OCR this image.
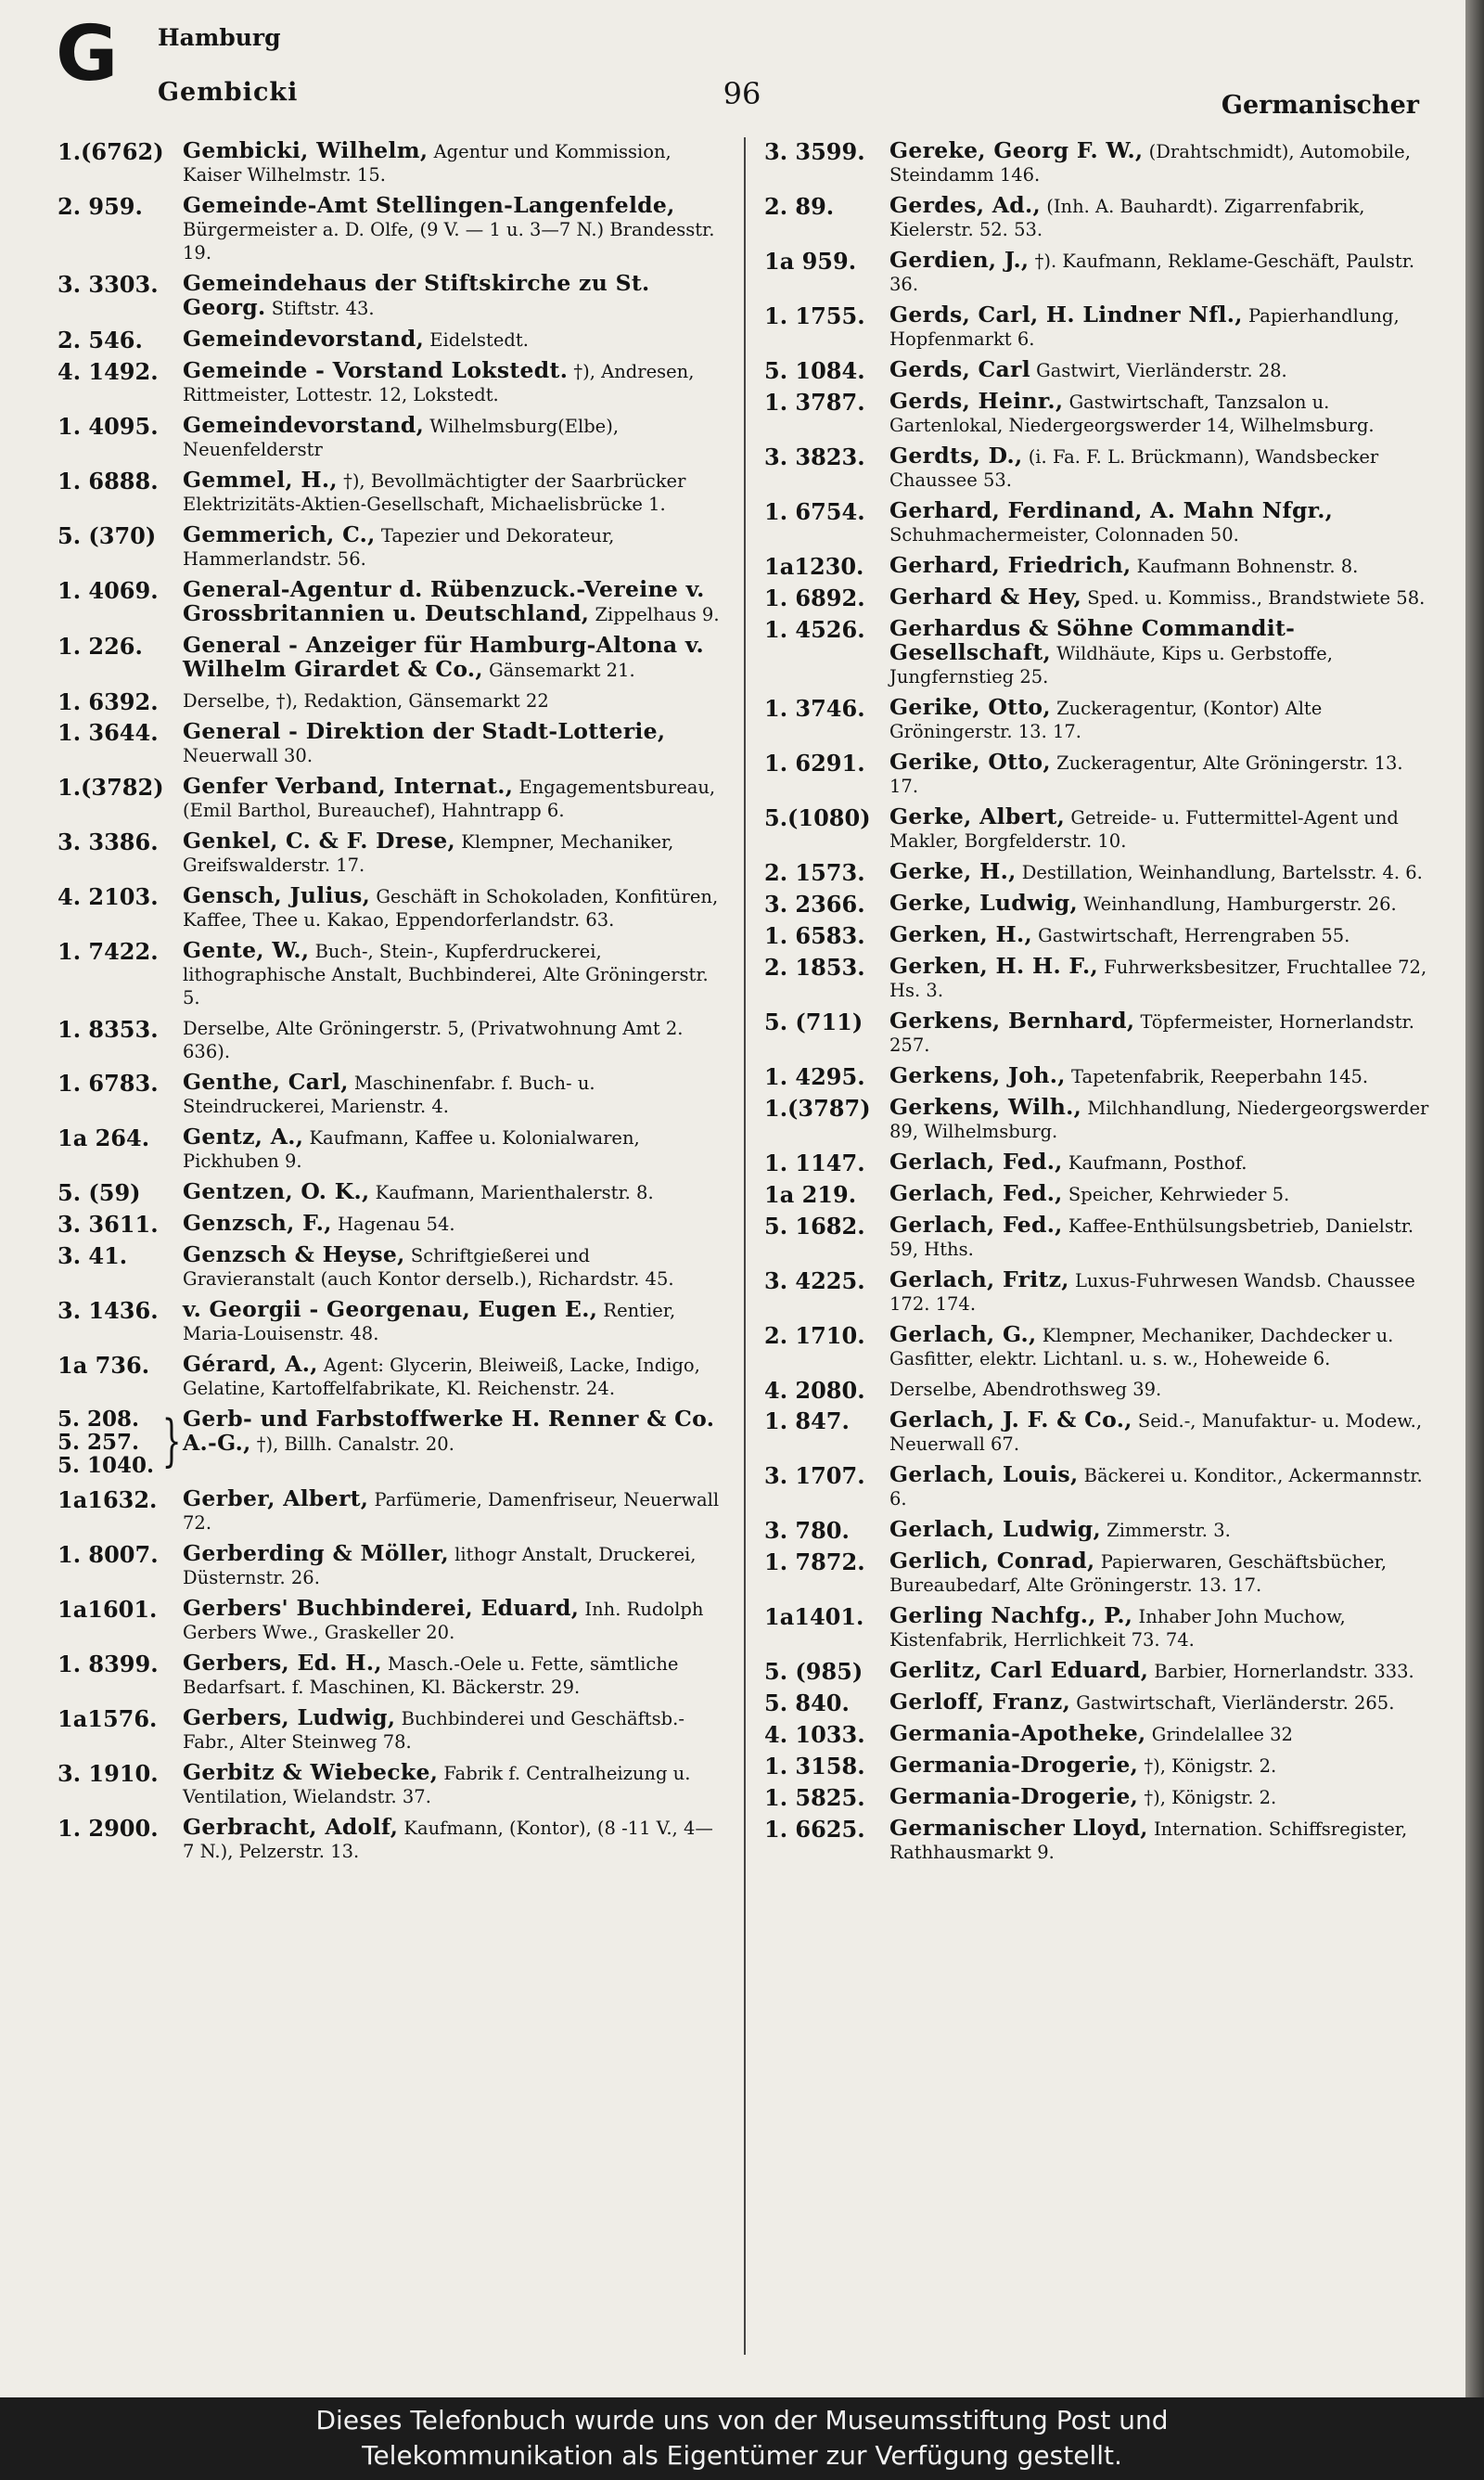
G Hamburg
Gembicki	96	Germanischer
1.(6762) Gembicki, Wilhelm, Agentur und Kommission, Kaiser Wilhelmstr. 15.
2. 959.	Gemeinde-Amt Stellingen-Langenfelde, Bürgermeister a. D. Olfe, (9 V. — 1 u. 3—7 N.) Brandesstr. 19.
3. 3303.	Gemeindehaus der Stiftskirche zu St. Georg. Stiftstr. 43.
2. 546.	Gemeindevorstand, Eidelstedt.
4. 1492.	Gemeinde - Vorstand Lokstedt. †), Andresen, Rittmeister, Lottestr. 12, Lokstedt.
1. 4095.	Gemeindevorstand, Wilhelmsburg(Elbe), Neuenfelderstr
1. 6888.	Gemmel, H., †), Bevollmächtigter der Saarbrücker Elektrizitäts-Aktien-Gesellschaft, Michaelisbrücke 1.
5. (370)	Gemmerich, C., Tapezier und Dekorateur, Hammerlandstr. 56.
1. 4069.	General-Agentur d. Rübenzuck.-Vereine v. Grossbritannien u. Deutschland, Zippelhaus 9.
1. 226.	General - Anzeiger für Hamburg-Altona v. Wilhelm Girardet & Co., Gänsemarkt 21.
1. 6392.	Derselbe, †), Redaktion, Gänsemarkt 22
1. 3644.	General - Direktion der Stadt-Lotterie, Neuerwall 30.
1.(3782) Genfer Verband, Internat., Engagementsbureau, (Emil Barthol, Bureauchef), Hahntrapp 6.
3. 3386.	Genkel, C. & F. Drese, Klempner, Mechaniker, Greifswalderstr. 17.
4. 2103.	Gensch, Julius, Geschäft in Schokoladen, Konfitüren, Kaffee, Thee u. Kakao, Eppendorferlandstr. 63.
1. 7422.	Gente, W., Buch-, Stein-, Kupferdruckerei, lithographische Anstalt, Buchbinderei, Alte Gröningerstr. 5.
1. 8353.	Derselbe, Alte Gröningerstr. 5, (Privatwohnung Amt 2. 636).
1. 6783.	Genthe, Carl, Maschinenfabr. f. Buch- u. Steindruckerei, Marienstr. 4.
1a 264.	Gentz, A., Kaufmann, Kaffee u. Kolonialwaren, Pickhuben 9.
5. (59)	Gentzen, O. K., Kaufmann, Marienthalerstr. 8.
3. 3611.	Genzsch, F., Hagenau 54.
3. 41.	Genzsch & Heyse, Schriftgießerei und Gravieranstalt (auch Kontor derselb.), Richardstr. 45.
3. 1436.	v. Georgii - Georgenau, Eugen E., Rentier, Maria-Louisenstr. 48.
1a 736.	Gérard, A., Agent: Glycerin, Bleiweiß, Lacke, Indigo, Gelatine, Kartoffelfabrikate, Kl. Reichenstr. 24.
5. 208.
5. 257.
5. 1040. } Gerb- und Farbstoffwerke H. Renner & Co. A.-G., †), Billh. Canalstr. 20.
1a1632.	Gerber, Albert, Parfümerie, Damenfriseur, Neuerwall 72.
1. 8007.	Gerberding & Möller, lithogr Anstalt, Druckerei, Düsternstr. 26.
1a1601.	Gerbers' Buchbinderei, Eduard, Inh. Rudolph Gerbers Wwe., Graskeller 20.
1. 8399.	Gerbers, Ed. H., Masch.-Oele u. Fette, sämtliche Bedarfsart. f. Maschinen, Kl. Bäckerstr. 29.
1a1576.	Gerbers, Ludwig, Buchbinderei und Geschäftsb.-Fabr., Alter Steinweg 78.
3. 1910.	Gerbitz & Wiebecke, Fabrik f. Centralheizung u. Ventilation, Wielandstr. 37.
1. 2900.	Gerbracht, Adolf, Kaufmann, (Kontor), (8 -11 V., 4—7 N.), Pelzerstr. 13.
3. 3599.	Gereke, Georg F. W., (Drahtschmidt), Automobile, Steindamm 146.
2. 89.	Gerdes, Ad., (Inh. A. Bauhardt). Zigarrenfabrik, Kielerstr. 52. 53.
1a 959.	Gerdien, J., †). Kaufmann, Reklame-Geschäft, Paulstr. 36.
1. 1755.	Gerds, Carl, H. Lindner Nfl., Papierhandlung, Hopfenmarkt 6.
5. 1084.	Gerds, Carl Gastwirt, Vierländerstr. 28.
1. 3787.	Gerds, Heinr., Gastwirtschaft, Tanzsalon u. Gartenlokal, Niedergeorgswerder 14, Wilhelmsburg.
3. 3823.	Gerdts, D., (i. Fa. F. L. Brückmann), Wandsbecker Chaussee 53.
1. 6754.	Gerhard, Ferdinand, A. Mahn Nfgr., Schuhmachermeister, Colonnaden 50.
1a1230.	Gerhard, Friedrich, Kaufmann Bohnenstr. 8.
1. 6892.	Gerhard & Hey, Sped. u. Kommiss., Brandstwiete 58.
1. 4526.	Gerhardus & Söhne Commandit-Gesellschaft, Wildhäute, Kips u. Gerbstoffe, Jungfernstieg 25.
1. 3746.	Gerike, Otto, Zuckeragentur, (Kontor) Alte Gröningerstr. 13. 17.
1. 6291.	Gerike, Otto, Zuckeragentur, Alte Gröningerstr. 13. 17.
5.(1080) Gerke, Albert, Getreide- u. Futtermittel-Agent und Makler, Borgfelderstr. 10.
2. 1573.	Gerke, H., Destillation, Weinhandlung, Bartelsstr. 4. 6.
3. 2366.	Gerke, Ludwig, Weinhandlung, Hamburgerstr. 26.
1. 6583.	Gerken, H., Gastwirtschaft, Herrengraben 55.
2. 1853.	Gerken, H. H. F., Fuhrwerksbesitzer, Fruchtallee 72, Hs. 3.
5. (711)	Gerkens, Bernhard, Töpfermeister, Hornerlandstr. 257.
1. 4295.	Gerkens, Joh., Tapetenfabrik, Reeperbahn 145.
1.(3787) Gerkens, Wilh., Milchhandlung, Niedergeorgswerder 89, Wilhelmsburg.
1. 1147.	Gerlach, Fed., Kaufmann, Posthof.
1a 219.	Gerlach, Fed., Speicher, Kehrwieder 5.
5. 1682.	Gerlach, Fed., Kaffee-Enthülsungsbetrieb, Danielstr. 59, Hths.
3. 4225.	Gerlach, Fritz, Luxus-Fuhrwesen Wandsb. Chaussee 172. 174.
2. 1710.	Gerlach, G., Klempner, Mechaniker, Dachdecker u. Gasfitter, elektr. Lichtanl. u. s. w., Hoheweide 6.
4. 2080.	Derselbe, Abendrothsweg 39.
1. 847.	Gerlach, J. F. & Co., Seid.-, Manufaktur- u. Modew., Neuerwall 67.
3. 1707.	Gerlach, Louis, Bäckerei u. Konditor., Ackermannstr. 6.
3. 780.	Gerlach, Ludwig, Zimmerstr. 3.
1. 7872.	Gerlich, Conrad, Papierwaren, Geschäftsbücher, Bureaubedarf, Alte Gröningerstr. 13. 17.
1a1401.	Gerling Nachfg., P., Inhaber John Muchow, Kistenfabrik, Herrlichkeit 73. 74.
5. (985)	Gerlitz, Carl Eduard, Barbier, Hornerlandstr. 333.
5. 840.	Gerloff, Franz, Gastwirtschaft, Vierländerstr. 265.
4. 1033.	Germania-Apotheke, Grindelallee 32
1. 3158.	Germania-Drogerie, †), Königstr. 2.
1. 5825.	Germania-Drogerie, †), Königstr. 2.
1. 6625.	Germanischer Lloyd, Internation. Schiffsregister, Rathhausmarkt 9.
Dieses Telefonbuch wurde uns von der Museumsstiftung Post und
Telekommunikation als Eigentümer zur Verfügung gestellt.
